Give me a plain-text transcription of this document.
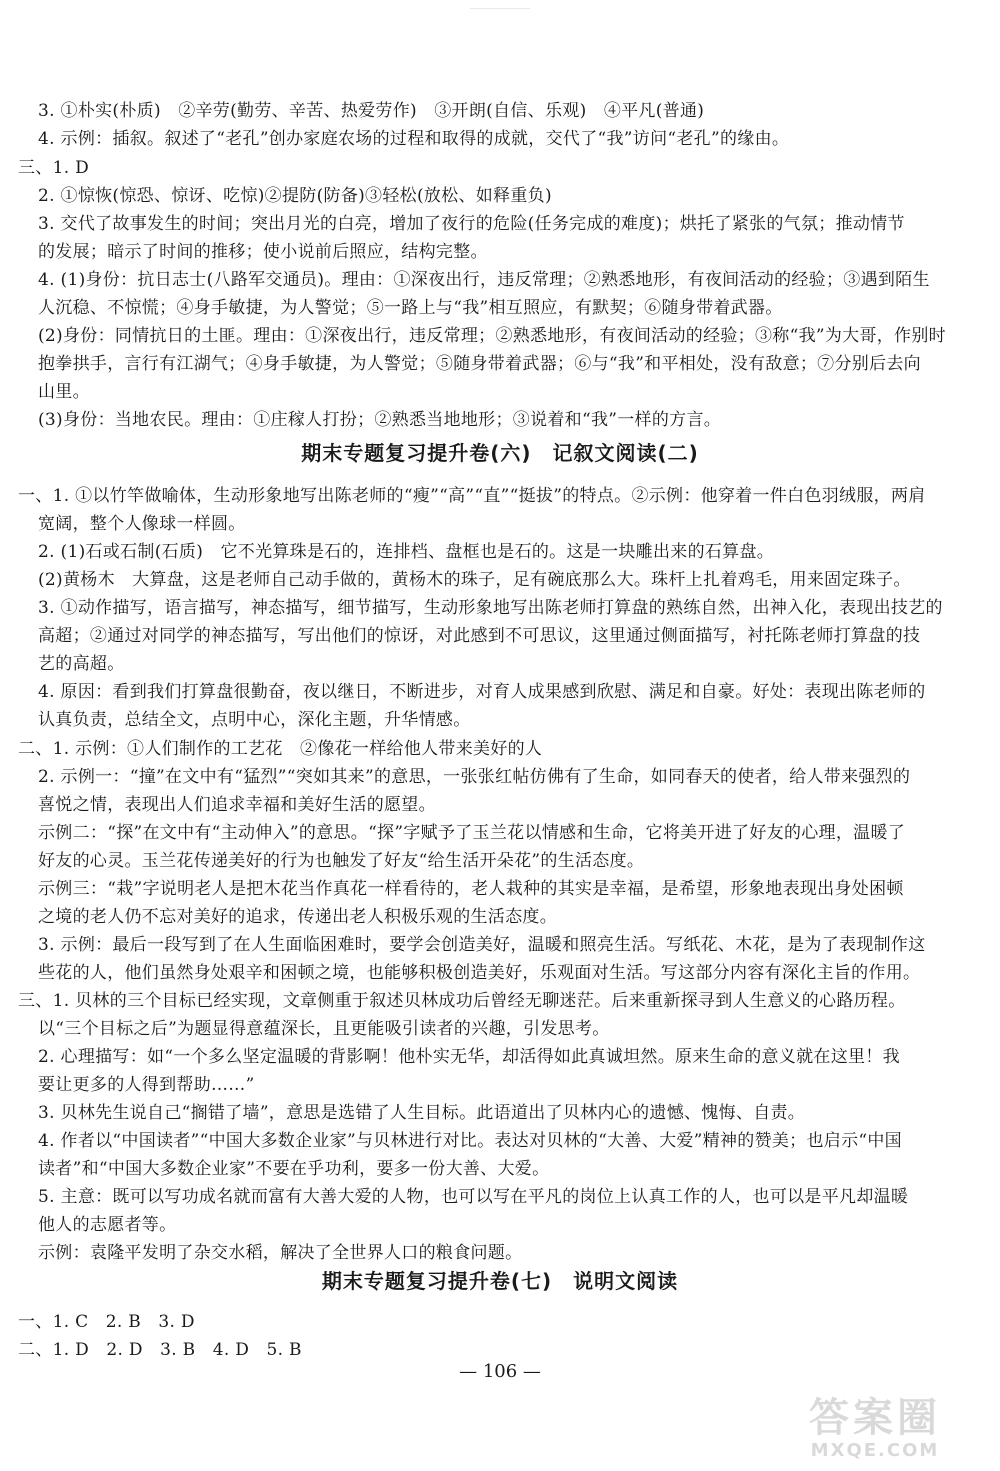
3. ①朴实(朴质)　②辛劳(勤劳、辛苦、热爱劳作)　③开朗(自信、乐观)　④平凡(普通)
4. 示例：插叙。叙述了“老孔”创办家庭农场的过程和取得的成就，交代了“我”访问“老孔”的缘由。
三、1. D
2. ①惊恢(惊恐、惊讶、吃惊)②提防(防备)③轻松(放松、如释重负)
3. 交代了故事发生的时间；突出月光的白亮，增加了夜行的危险(任务完成的难度)；烘托了紧张的气氛；推动情节
的发展；暗示了时间的推移；使小说前后照应，结构完整。
4. (1)身份：抗日志士(八路军交通员)。理由：①深夜出行，违反常理；②熟悉地形，有夜间活动的经验；③遇到陌生
人沉稳、不惊慌；④身手敏捷，为人警觉；⑤一路上与“我”相互照应，有默契；⑥随身带着武器。
(2)身份：同情抗日的土匪。理由：①深夜出行，违反常理；②熟悉地形，有夜间活动的经验；③称“我”为大哥，作别时
抱拳拱手，言行有江湖气；④身手敏捷，为人警觉；⑤随身带着武器；⑥与“我”和平相处，没有敌意；⑦分别后去向
山里。
(3)身份：当地农民。理由：①庄稼人打扮；②熟悉当地地形；③说着和“我”一样的方言。
期末专题复习提升卷(六)　记叙文阅读(二)
一、1. ①以竹竿做喻体，生动形象地写出陈老师的“瘦”“高”“直”“挺拔”的特点。②示例：他穿着一件白色羽绒服，两肩
宽阔，整个人像球一样圆。
2. (1)石或石制(石质)　它不光算珠是石的，连排档、盘框也是石的。这是一块雕出来的石算盘。
(2)黄杨木　大算盘，这是老师自己动手做的，黄杨木的珠子，足有碗底那么大。珠杆上扎着鸡毛，用来固定珠子。
3. ①动作描写，语言描写，神态描写，细节描写，生动形象地写出陈老师打算盘的熟练自然，出神入化，表现出技艺的
高超；②通过对同学的神态描写，写出他们的惊讶，对此感到不可思议，这里通过侧面描写，衬托陈老师打算盘的技
艺的高超。
4. 原因：看到我们打算盘很勤奋，夜以继日，不断进步，对育人成果感到欣慰、满足和自豪。好处：表现出陈老师的
认真负责，总结全文，点明中心，深化主题，升华情感。
二、1. 示例：①人们制作的工艺花　②像花一样给他人带来美好的人
2. 示例一：“撞”在文中有“猛烈”“突如其来”的意思，一张张红帖仿佛有了生命，如同春天的使者，给人带来强烈的
喜悦之情，表现出人们追求幸福和美好生活的愿望。
示例二：“探”在文中有“主动伸入”的意思。“探”字赋予了玉兰花以情感和生命，它将美开进了好友的心理，温暖了
好友的心灵。玉兰花传递美好的行为也触发了好友“给生活开朵花”的生活态度。
示例三：“栽”字说明老人是把木花当作真花一样看待的，老人栽种的其实是幸福，是希望，形象地表现出身处困顿
之境的老人仍不忘对美好的追求，传递出老人积极乐观的生活态度。
3. 示例：最后一段写到了在人生面临困难时，要学会创造美好，温暖和照亮生活。写纸花、木花，是为了表现制作这
些花的人，他们虽然身处艰辛和困顿之境，也能够积极创造美好，乐观面对生活。写这部分内容有深化主旨的作用。
三、1. 贝林的三个目标已经实现，文章侧重于叙述贝林成功后曾经无聊迷茫。后来重新探寻到人生意义的心路历程。
以“三个目标之后”为题显得意蕴深长，且更能吸引读者的兴趣，引发思考。
2. 心理描写：如“一个多么坚定温暖的背影啊！他朴实无华，却活得如此真诚坦然。原来生命的意义就在这里！我
要让更多的人得到帮助……”
3. 贝林先生说自己“搁错了墙”，意思是选错了人生目标。此语道出了贝林内心的遗憾、愧悔、自责。
4. 作者以“中国读者”“中国大多数企业家”与贝林进行对比。表达对贝林的“大善、大爱”精神的赞美；也启示“中国
读者”和“中国大多数企业家”不要在乎功利，要多一份大善、大爱。
5. 主意：既可以写功成名就而富有大善大爱的人物，也可以写在平凡的岗位上认真工作的人，也可以是平凡却温暖
他人的志愿者等。
示例：袁隆平发明了杂交水稻，解决了全世界人口的粮食问题。
期末专题复习提升卷(七)　说明文阅读
一、1. C　2. B　3. D
二、1. D　2. D　3. B　4. D　5. B
— 106 —
答案圈
MXQE.COM
